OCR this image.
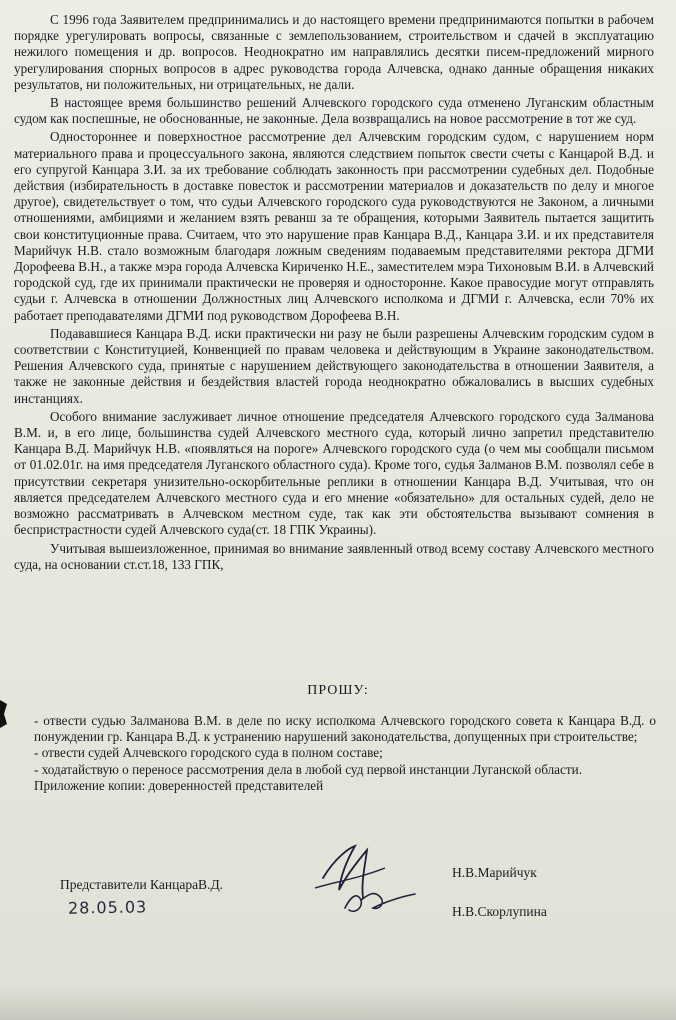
С 1996 года Заявителем предпринимались и до настоящего времени предпринимаются попытки в рабочем порядке урегулировать вопросы, связанные с землепользованием, строительством и сдачей в эксплуатацию нежилого помещения и др. вопросов. Неоднократно им направлялись десятки писем-предложений мирного урегулирования спорных вопросов в адрес руководства города Алчевска, однако данные обращения никаких результатов, ни положительных, ни отрицательных, не дали.

В настоящее время большинство решений Алчевского городского суда отменено Луганским областным судом как поспешные, не обоснованные, не законные. Дела возвращались на новое рассмотрение в тот же суд.

Одностороннее и поверхностное рассмотрение дел Алчевским городским судом, с нарушением норм материального права и процессуального закона, являются следствием попыток свести счеты с Канцарой В.Д. и его супругой Канцара З.И. за их требование соблюдать законность при рассмотрении судебных дел. Подобные действия (избирательность в доставке повесток и рассмотрении материалов и доказательств по делу и многое другое), свидетельствует о том, что судьи Алчевского городского суда руководствуются не Законом, а личными отношениями, амбициями и желанием взять реванш за те обращения, которыми Заявитель пытается защитить свои конституционные права. Считаем, что это нарушение прав Канцара В.Д., Канцара З.И. и их представителя Марийчук Н.В. стало возможным благодаря ложным сведениям подаваемым представителями ректора ДГМИ Дорофеева В.Н., а также мэра города Алчевска Кириченко Н.Е., заместителем мэра Тихоновым В.И. в Алчевский городской суд, где их принимали практически не проверяя и односторонне. Какое правосудие могут отправлять судьи г. Алчевска в отношении Должностных лиц Алчевского исполкома и ДГМИ г. Алчевска, если 70% их работает преподавателями ДГМИ под руководством Дорофеева В.Н.

Подававшиеся Канцара В.Д. иски практически ни разу не были разрешены Алчевским городским судом в соответствии с Конституцией, Конвенцией по правам человека и действующим в Украине законодательством. Решения Алчевского суда, принятые с нарушением действующего законодательства в отношении Заявителя, а также не законные действия и бездействия властей города неоднократно обжаловались в высших судебных инстанциях.

Особого внимание заслуживает личное отношение председателя Алчевского городского суда Залманова В.М. и, в его лице, большинства судей Алчевского местного суда, который лично запретил представителю Канцара В.Д. Марийчук Н.В. «появляться на пороге» Алчевского городского суда (о чем мы сообщали письмом от 01.02.01г. на имя председателя Луганского областного суда). Кроме того, судья Залманов В.М. позволял себе в присутствии секретаря унизительно-оскорбительные реплики в отношении Канцара В.Д. Учитывая, что он является председателем Алчевского местного суда и его мнение «обязательно» для остальных судей, дело не возможно рассматривать в Алчевском местном суде, так как эти обстоятельства вызывают сомнения в беспристрастности судей Алчевского суда(ст. 18 ГПК Украины).

Учитывая вышеизложенное, принимая во внимание заявленный отвод всему составу Алчевского местного суда, на основании ст.ст.18, 133 ГПК,

ПРОШУ:
- отвести судью Залманова В.М. в деле по иску исполкома Алчевского городского совета к Канцара В.Д. о понуждении гр. Канцара В.Д. к устранению нарушений законодательства, допущенных при строительстве;
- отвести судей Алчевского городского суда в полном составе;
- ходатайствую о переносе рассмотрения дела в любой суд первой инстанции Луганской области.
Приложение копии: доверенностей представителей
Представители КанцараВ.Д.
28.05.03
Н.В.Марийчук
Н.В.Скорлупина
